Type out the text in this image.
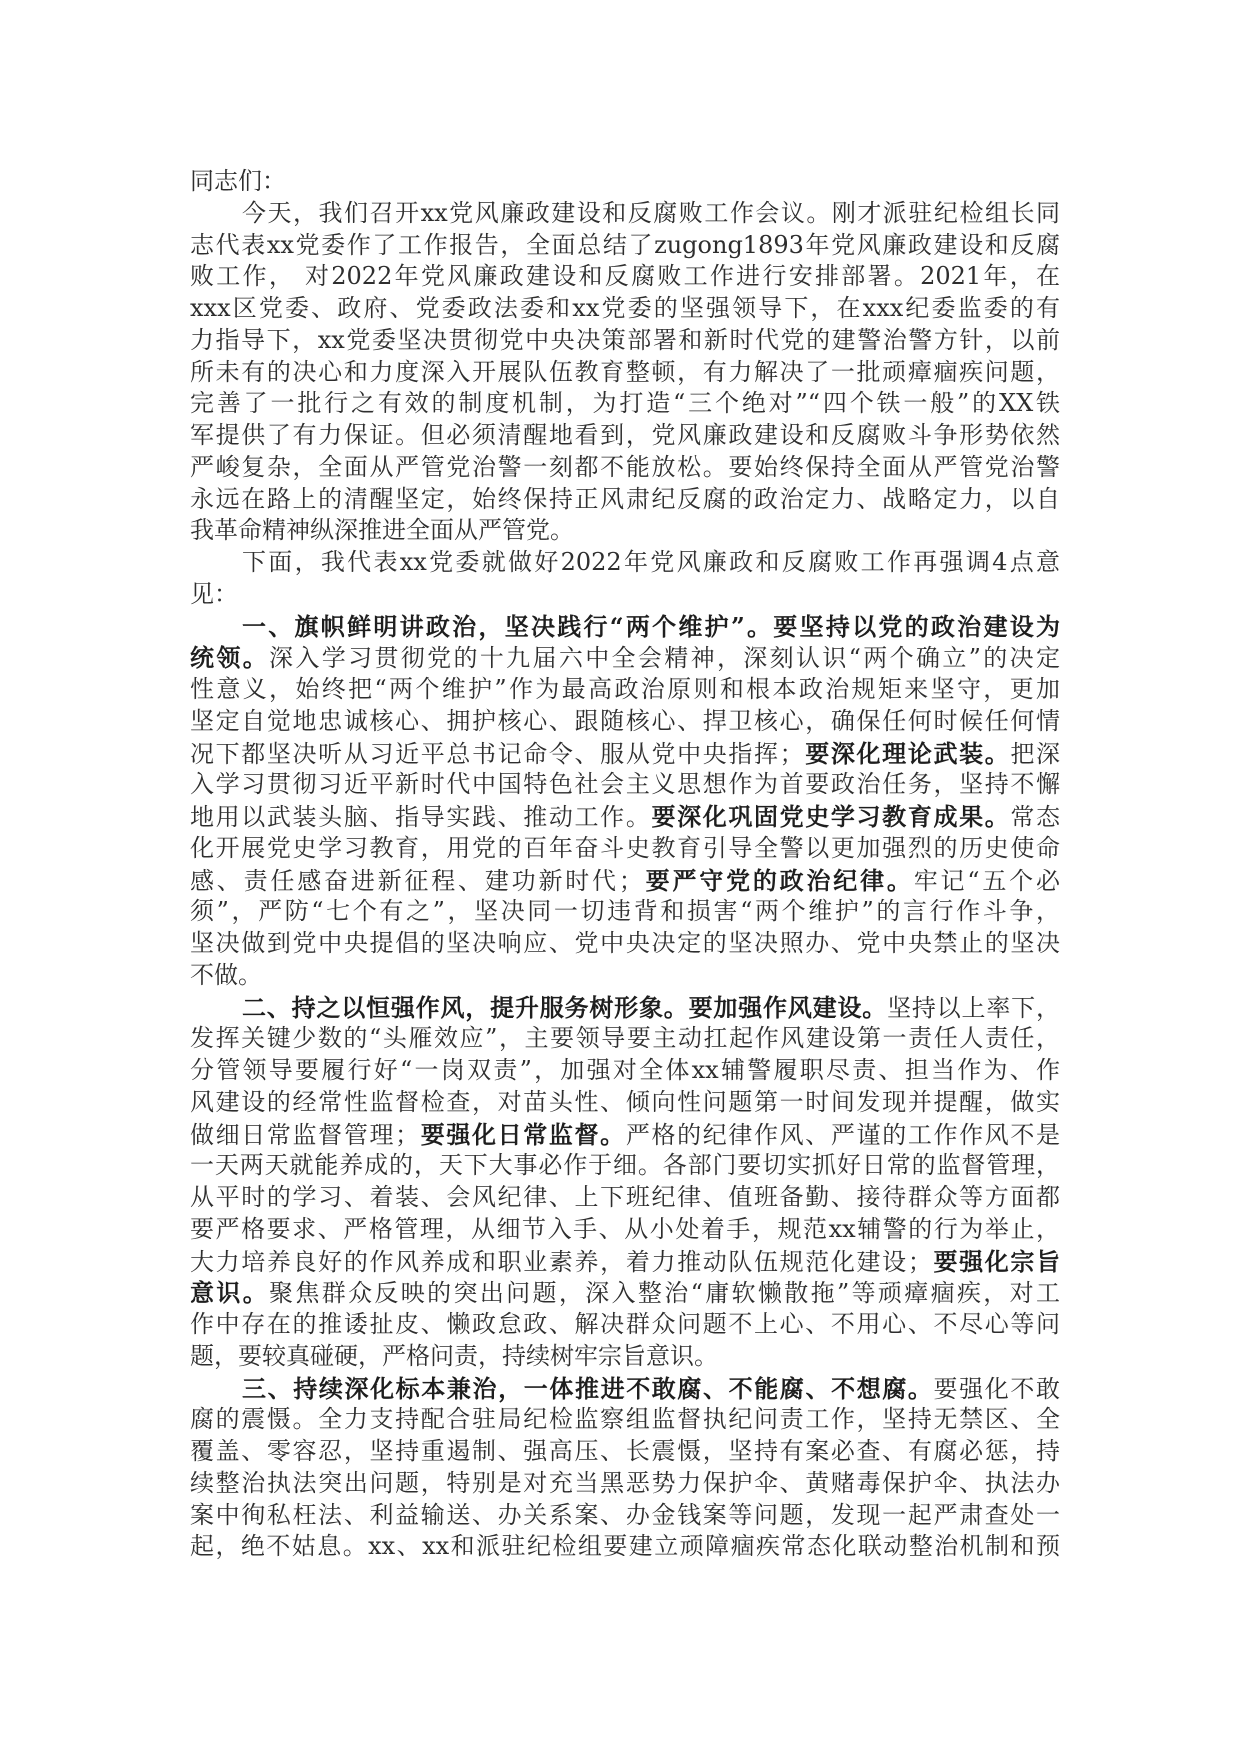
同志们：
今天，我们召开xx党风廉政建设和反腐败工作会议。刚才派驻纪检组长同
志代表xx党委作了工作报告，全面总结了zugong1893年党风廉政建设和反腐
败工作， 对2022年党风廉政建设和反腐败工作进行安排部署。2021年，在
xxx区党委、政府、党委政法委和xx党委的坚强领导下，在xxx纪委监委的有
力指导下，xx党委坚决贯彻党中央决策部署和新时代党的建警治警方针，以前
所未有的决心和力度深入开展队伍教育整顿，有力解决了一批顽瘴痼疾问题，
完善了一批行之有效的制度机制，为打造“三个绝对”“四个铁一般”的XX铁
军提供了有力保证。但必须清醒地看到，党风廉政建设和反腐败斗争形势依然
严峻复杂，全面从严管党治警一刻都不能放松。要始终保持全面从严管党治警
永远在路上的清醒坚定，始终保持正风肃纪反腐的政治定力、战略定力，以自
我革命精神纵深推进全面从严管党。
下面，我代表xx党委就做好2022年党风廉政和反腐败工作再强调4点意
见：
一、旗帜鲜明讲政治，坚决践行“两个维护”。要坚持以党的政治建设为
统领。深入学习贯彻党的十九届六中全会精神，深刻认识“两个确立”的决定
性意义，始终把“两个维护”作为最高政治原则和根本政治规矩来坚守，更加
坚定自觉地忠诚核心、拥护核心、跟随核心、捍卫核心，确保任何时候任何情
况下都坚决听从习近平总书记命令、服从党中央指挥；要深化理论武装。把深
入学习贯彻习近平新时代中国特色社会主义思想作为首要政治任务，坚持不懈
地用以武装头脑、指导实践、推动工作。要深化巩固党史学习教育成果。常态
化开展党史学习教育，用党的百年奋斗史教育引导全警以更加强烈的历史使命
感、责任感奋进新征程、建功新时代；要严守党的政治纪律。牢记“五个必
须”，严防“七个有之”，坚决同一切违背和损害“两个维护”的言行作斗争，
坚决做到党中央提倡的坚决响应、党中央决定的坚决照办、党中央禁止的坚决
不做。
二、持之以恒强作风，提升服务树形象。要加强作风建设。坚持以上率下，
发挥关键少数的“头雁效应”，主要领导要主动扛起作风建设第一责任人责任，
分管领导要履行好“一岗双责”，加强对全体xx辅警履职尽责、担当作为、作
风建设的经常性监督检查，对苗头性、倾向性问题第一时间发现并提醒，做实
做细日常监督管理；要强化日常监督。严格的纪律作风、严谨的工作作风不是
一天两天就能养成的，天下大事必作于细。各部门要切实抓好日常的监督管理，
从平时的学习、着装、会风纪律、上下班纪律、值班备勤、接待群众等方面都
要严格要求、严格管理，从细节入手、从小处着手，规范xx辅警的行为举止，
大力培养良好的作风养成和职业素养，着力推动队伍规范化建设；要强化宗旨
意识。聚焦群众反映的突出问题，深入整治“庸软懒散拖”等顽瘴痼疾，对工
作中存在的推诿扯皮、懒政怠政、解决群众问题不上心、不用心、不尽心等问
题，要较真碰硬，严格问责，持续树牢宗旨意识。
三、持续深化标本兼治，一体推进不敢腐、不能腐、不想腐。要强化不敢
腐的震慑。全力支持配合驻局纪检监察组监督执纪问责工作，坚持无禁区、全
覆盖、零容忍，坚持重遏制、强高压、长震慑，坚持有案必查、有腐必惩，持
续整治执法突出问题，特别是对充当黑恶势力保护伞、黄赌毒保护伞、执法办
案中徇私枉法、利益输送、办关系案、办金钱案等问题，发现一起严肃查处一
起，绝不姑息。xx、xx和派驻纪检组要建立顽障痼疾常态化联动整治机制和预
